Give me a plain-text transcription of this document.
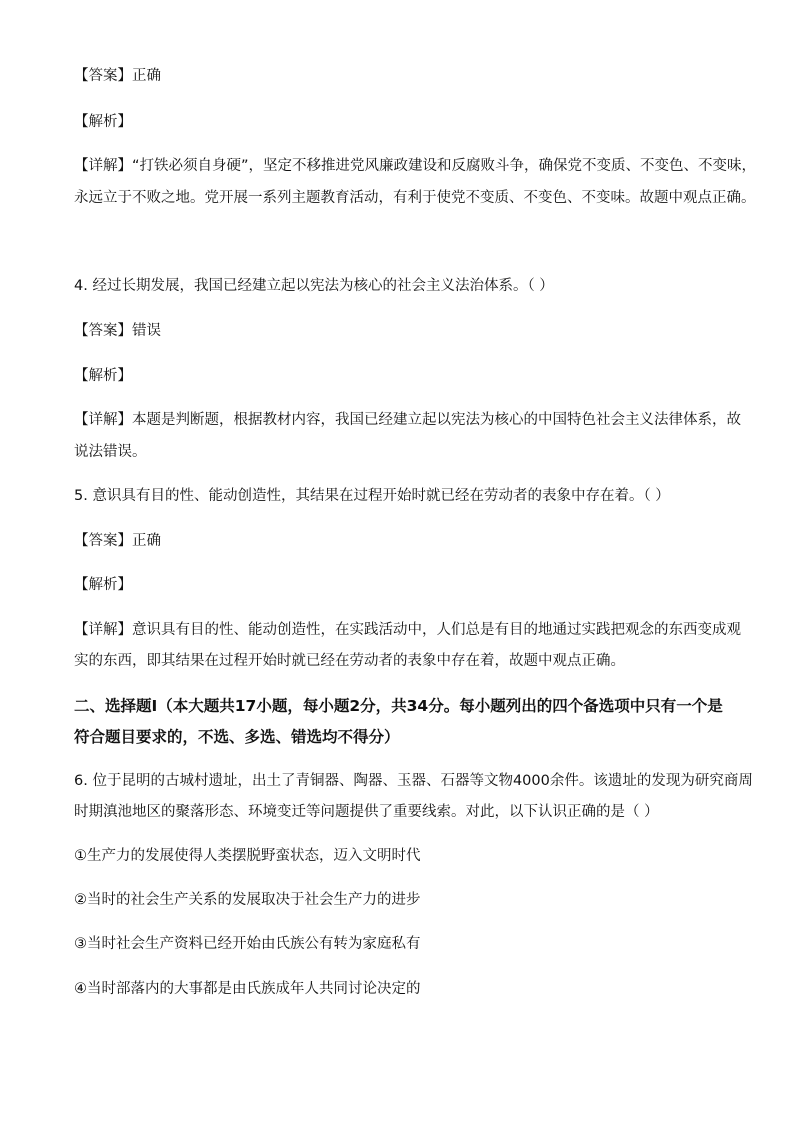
【答案】正确
【解析】
【详解】“打铁必须自身硬”，坚定不移推进党风廉政建设和反腐败斗争，确保党不变质、不变色、不变味，
永远立于不败之地。党开展一系列主题教育活动，有利于使党不变质、不变色、不变味。故题中观点正确。
4. 经过长期发展，我国已经建立起以宪法为核心的社会主义法治体系。（ ）
【答案】错误
【解析】
【详解】本题是判断题，根据教材内容，我国已经建立起以宪法为核心的中国特色社会主义法律体系，故
说法错误。
5. 意识具有目的性、能动创造性，其结果在过程开始时就已经在劳动者的表象中存在着。（ ）
【答案】正确
【解析】
【详解】意识具有目的性、能动创造性，在实践活动中，人们总是有目的地通过实践把观念的东西变成观
实的东西，即其结果在过程开始时就已经在劳动者的表象中存在着，故题中观点正确。
二、选择题Ⅰ（本大题共17小题，每小题2分，共34分。每小题列出的四个备选项中只有一个是符合题目要求的，不选、多选、错选均不得分）
6. 位于昆明的古城村遗址，出土了青铜器、陶器、玉器、石器等文物4000余件。该遗址的发现为研究商周
时期滇池地区的聚落形态、环境变迁等问题提供了重要线索。对此，以下认识正确的是（ ）
①生产力的发展使得人类摆脱野蛮状态，迈入文明时代
②当时的社会生产关系的发展取决于社会生产力的进步
③当时社会生产资料已经开始由氏族公有转为家庭私有
④当时部落内的大事都是由氏族成年人共同讨论决定的
